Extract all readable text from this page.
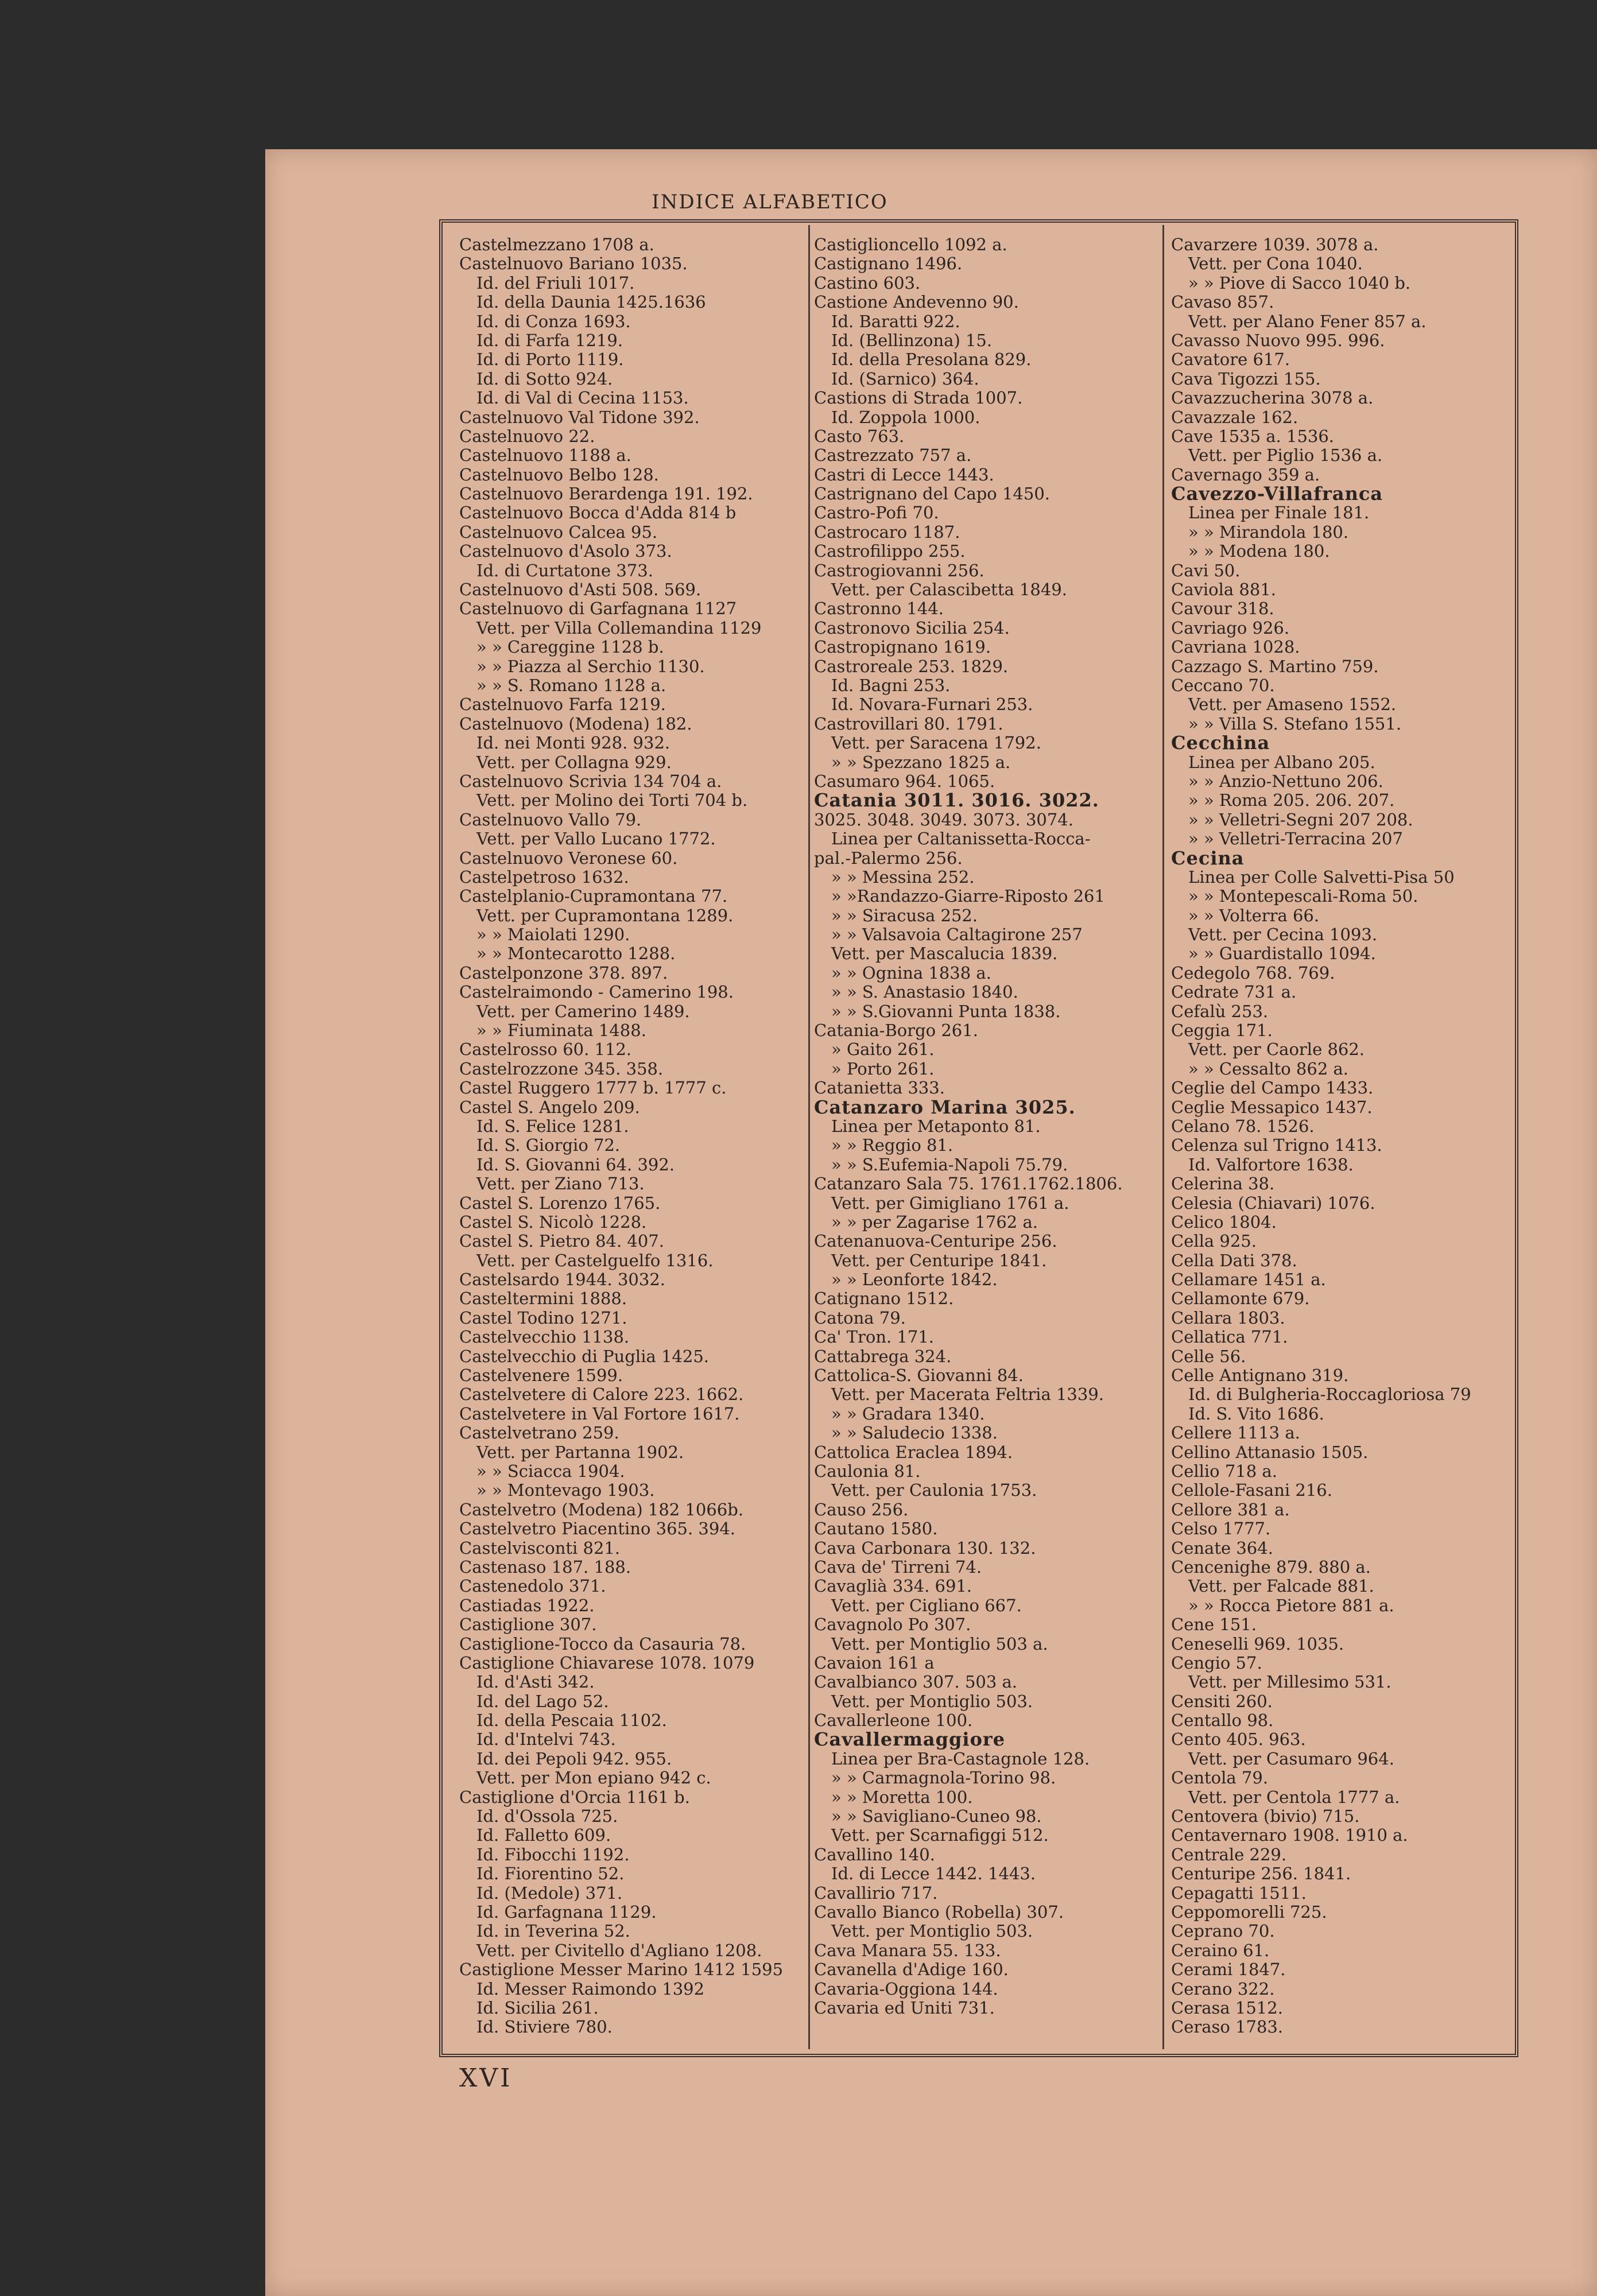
INDICE ALFABETICO
Castelmezzano 1708 a.
Castelnuovo Bariano 1035.
Id. del Friuli 1017.
Id. della Daunia 1425.1636
Id. di Conza 1693.
Id. di Farfa 1219.
Id. di Porto 1119.
Id. di Sotto 924.
Id. di Val di Cecina 1153.
Castelnuovo Val Tidone 392.
Castelnuovo 22.
Castelnuovo 1188 a.
Castelnuovo Belbo 128.
Castelnuovo Berardenga 191. 192.
Castelnuovo Bocca d'Adda 814 b
Castelnuovo Calcea 95.
Castelnuovo d'Asolo 373.
Id. di Curtatone 373.
Castelnuovo d'Asti 508. 569.
Castelnuovo di Garfagnana 1127
Vett. per Villa Collemandina 1129
» » Careggine 1128 b.
» » Piazza al Serchio 1130.
» » S. Romano 1128 a.
Castelnuovo Farfa 1219.
Castelnuovo (Modena) 182.
Id. nei Monti 928. 932.
Vett. per Collagna 929.
Castelnuovo Scrivia 134 704 a.
Vett. per Molino dei Torti 704 b.
Castelnuovo Vallo 79.
Vett. per Vallo Lucano 1772.
Castelnuovo Veronese 60.
Castelpetroso 1632.
Castelplanio-Cupramontana 77.
Vett. per Cupramontana 1289.
» » Maiolati 1290.
» » Montecarotto 1288.
Castelponzone 378. 897.
Castelraimondo - Camerino 198.
Vett. per Camerino 1489.
» » Fiuminata 1488.
Castelrosso 60. 112.
Castelrozzone 345. 358.
Castel Ruggero 1777 b. 1777 c.
Castel S. Angelo 209.
Id. S. Felice 1281.
Id. S. Giorgio 72.
Id. S. Giovanni 64. 392.
Vett. per Ziano 713.
Castel S. Lorenzo 1765.
Castel S. Nicolò 1228.
Castel S. Pietro 84. 407.
Vett. per Castelguelfo 1316.
Castelsardo 1944. 3032.
Casteltermini 1888.
Castel Todino 1271.
Castelvecchio 1138.
Castelvecchio di Puglia 1425.
Castelvenere 1599.
Castelvetere di Calore 223. 1662.
Castelvetere in Val Fortore 1617.
Castelvetrano 259.
Vett. per Partanna 1902.
» » Sciacca 1904.
» » Montevago 1903.
Castelvetro (Modena) 182 1066b.
Castelvetro Piacentino 365. 394.
Castelvisconti 821.
Castenaso 187. 188.
Castenedolo 371.
Castiadas 1922.
Castiglione 307.
Castiglione-Tocco da Casauria 78.
Castiglione Chiavarese 1078. 1079
Id. d'Asti 342.
Id. del Lago 52.
Id. della Pescaia 1102.
Id. d'Intelvi 743.
Id. dei Pepoli 942. 955.
Vett. per Mon epiano 942 c.
Castiglione d'Orcia 1161 b.
Id. d'Ossola 725.
Id. Falletto 609.
Id. Fibocchi 1192.
Id. Fiorentino 52.
Id. (Medole) 371.
Id. Garfagnana 1129.
Id. in Teverina 52.
Vett. per Civitello d'Agliano 1208.
Castiglione Messer Marino 1412 1595
Id. Messer Raimondo 1392
Id. Sicilia 261.
Id. Stiviere 780.
Castiglioncello 1092 a.
Castignano 1496.
Castino 603.
Castione Andevenno 90.
Id. Baratti 922.
Id. (Bellinzona) 15.
Id. della Presolana 829.
Id. (Sarnico) 364.
Castions di Strada 1007.
Id. Zoppola 1000.
Casto 763.
Castrezzato 757 a.
Castri di Lecce 1443.
Castrignano del Capo 1450.
Castro-Pofi 70.
Castrocaro 1187.
Castrofilippo 255.
Castrogiovanni 256.
Vett. per Calascibetta 1849.
Castronno 144.
Castronovo Sicilia 254.
Castropignano 1619.
Castroreale 253. 1829.
Id. Bagni 253.
Id. Novara-Furnari 253.
Castrovillari 80. 1791.
Vett. per Saracena 1792.
» » Spezzano 1825 a.
Casumaro 964. 1065.
Catania 3011. 3016. 3022.
3025. 3048. 3049. 3073. 3074.
Linea per Caltanissetta-Rocca-
pal.-Palermo 256.
» » Messina 252.
» »Randazzo-Giarre-Riposto 261
» » Siracusa 252.
» » Valsavoia Caltagirone 257
Vett. per Mascalucia 1839.
» » Ognina 1838 a.
» » S. Anastasio 1840.
» » S.Giovanni Punta 1838.
Catania-Borgo 261.
» Gaito 261.
» Porto 261.
Catanietta 333.
Catanzaro Marina 3025.
Linea per Metaponto 81.
» » Reggio 81.
» » S.Eufemia-Napoli 75.79.
Catanzaro Sala 75. 1761.1762.1806.
Vett. per Gimigliano 1761 a.
» » per Zagarise 1762 a.
Catenanuova-Centuripe 256.
Vett. per Centuripe 1841.
» » Leonforte 1842.
Catignano 1512.
Catona 79.
Ca' Tron. 171.
Cattabrega 324.
Cattolica-S. Giovanni 84.
Vett. per Macerata Feltria 1339.
» » Gradara 1340.
» » Saludecio 1338.
Cattolica Eraclea 1894.
Caulonia 81.
Vett. per Caulonia 1753.
Causo 256.
Cautano 1580.
Cava Carbonara 130. 132.
Cava de' Tirreni 74.
Cavaglià 334. 691.
Vett. per Cigliano 667.
Cavagnolo Po 307.
Vett. per Montiglio 503 a.
Cavaion 161 a
Cavalbianco 307. 503 a.
Vett. per Montiglio 503.
Cavallerleone 100.
Cavallermaggiore
Linea per Bra-Castagnole 128.
» » Carmagnola-Torino 98.
» » Moretta 100.
» » Savigliano-Cuneo 98.
Vett. per Scarnafiggi 512.
Cavallino 140.
Id. di Lecce 1442. 1443.
Cavallirio 717.
Cavallo Bianco (Robella) 307.
Vett. per Montiglio 503.
Cava Manara 55. 133.
Cavanella d'Adige 160.
Cavaria-Oggiona 144.
Cavaria ed Uniti 731.
Cavarzere 1039. 3078 a.
Vett. per Cona 1040.
» » Piove di Sacco 1040 b.
Cavaso 857.
Vett. per Alano Fener 857 a.
Cavasso Nuovo 995. 996.
Cavatore 617.
Cava Tigozzi 155.
Cavazzucherina 3078 a.
Cavazzale 162.
Cave 1535 a. 1536.
Vett. per Piglio 1536 a.
Cavernago 359 a.
Cavezzo-Villafranca
Linea per Finale 181.
» » Mirandola 180.
» » Modena 180.
Cavi 50.
Caviola 881.
Cavour 318.
Cavriago 926.
Cavriana 1028.
Cazzago S. Martino 759.
Ceccano 70.
Vett. per Amaseno 1552.
» » Villa S. Stefano 1551.
Cecchina
Linea per Albano 205.
» » Anzio-Nettuno 206.
» » Roma 205. 206. 207.
» » Velletri-Segni 207 208.
» » Velletri-Terracina 207
Cecina
Linea per Colle Salvetti-Pisa 50
» » Montepescali-Roma 50.
» » Volterra 66.
Vett. per Cecina 1093.
» » Guardistallo 1094.
Cedegolo 768. 769.
Cedrate 731 a.
Cefalù 253.
Ceggia 171.
Vett. per Caorle 862.
» » Cessalto 862 a.
Ceglie del Campo 1433.
Ceglie Messapico 1437.
Celano 78. 1526.
Celenza sul Trigno 1413.
Id. Valfortore 1638.
Celerina 38.
Celesia (Chiavari) 1076.
Celico 1804.
Cella 925.
Cella Dati 378.
Cellamare 1451 a.
Cellamonte 679.
Cellara 1803.
Cellatica 771.
Celle 56.
Celle Antignano 319.
Id. di Bulgheria-Roccagloriosa 79
Id. S. Vito 1686.
Cellere 1113 a.
Cellino Attanasio 1505.
Cellio 718 a.
Cellole-Fasani 216.
Cellore 381 a.
Celso 1777.
Cenate 364.
Cencenighe 879. 880 a.
Vett. per Falcade 881.
» » Rocca Pietore 881 a.
Cene 151.
Ceneselli 969. 1035.
Cengio 57.
Vett. per Millesimo 531.
Censiti 260.
Centallo 98.
Cento 405. 963.
Vett. per Casumaro 964.
Centola 79.
Vett. per Centola 1777 a.
Centovera (bivio) 715.
Centavernaro 1908. 1910 a.
Centrale 229.
Centuripe 256. 1841.
Cepagatti 1511.
Ceppomorelli 725.
Ceprano 70.
Ceraino 61.
Cerami 1847.
Cerano 322.
Cerasa 1512.
Ceraso 1783.
XVI
